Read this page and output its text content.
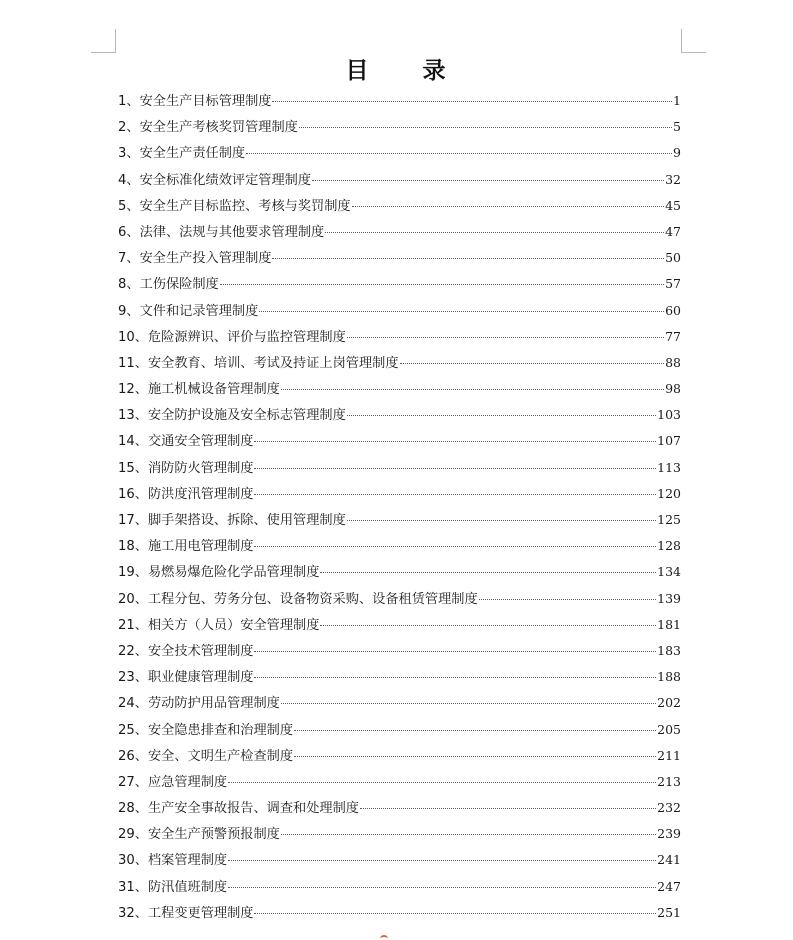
目 录
1、安全生产目标管理制度	1
2、安全生产考核奖罚管理制度	5
3、安全生产责任制度	9
4、安全标准化绩效评定管理制度	32
5、安全生产目标监控、考核与奖罚制度	45
6、法律、法规与其他要求管理制度	47
7、安全生产投入管理制度	50
8、工伤保险制度	57
9、文件和记录管理制度	60
10、危险源辨识、评价与监控管理制度	77
11、安全教育、培训、考试及持证上岗管理制度	88
12、施工机械设备管理制度	98
13、安全防护设施及安全标志管理制度	103
14、交通安全管理制度	107
15、消防防火管理制度	113
16、防洪度汛管理制度	120
17、脚手架搭设、拆除、使用管理制度	125
18、施工用电管理制度	128
19、易燃易爆危险化学品管理制度	134
20、工程分包、劳务分包、设备物资采购、设备租赁管理制度	139
21、相关方（人员）安全管理制度	181
22、安全技术管理制度	183
23、职业健康管理制度	188
24、劳动防护用品管理制度	202
25、安全隐患排查和治理制度	205
26、安全、文明生产检查制度	211
27、应急管理制度	213
28、生产安全事故报告、调查和处理制度	232
29、安全生产预警预报制度	239
30、档案管理制度	241
31、防汛值班制度	247
32、工程变更管理制度	251
